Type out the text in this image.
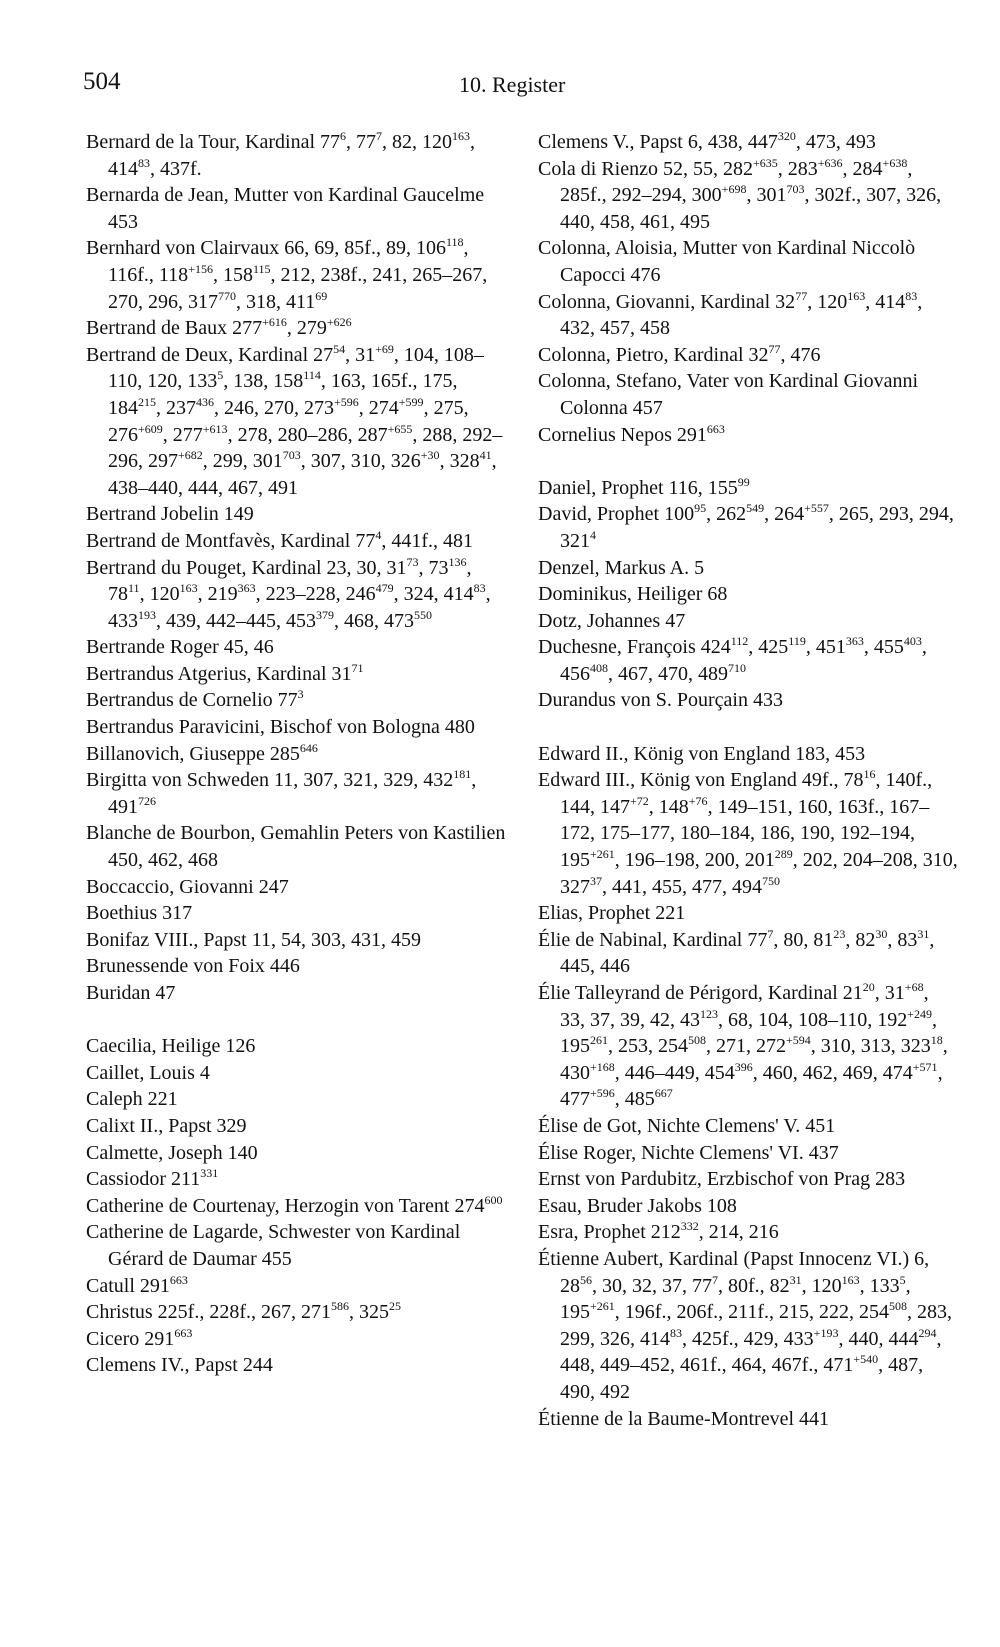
504	10. Register

Bernard de la Tour, Kardinal $77^6$, $77^7$, 82, $120^{163}$, $414^{83}$, 437f.

Bernarda de Jean, Mutter von Kardinal Gaucelme 453

Bernhard von Clairvaux 66, 69, 85f., 89, $106^{118}$, 116f., $118^{+156}$, $158^{115}$, 212, 238f., 241, 265–267, 270, 296, $317^{770}$, 318, $411^{69}$

Bertrand de Baux $277^{+616}$, $279^{+626}$

Bertrand de Deux, Kardinal $27^{54}$, $31^{+69}$, 104, 108–110, 120, $133^5$, 138, $158^{114}$, 163, 165f., 175, $184^{215}$, $237^{436}$, 246, 270, $273^{+596}$, $274^{+599}$, 275, $276^{+609}$, $277^{+613}$, 278, 280–286, $287^{+655}$, 288, 292–296, $297^{+682}$, 299, $301^{703}$, 307, 310, $326^{+30}$, $328^{41}$, 438–440, 444, 467, 491

Bertrand Jobelin 149

Bertrand de Montfavès, Kardinal $77^4$, 441f., 481

Bertrand du Pouget, Kardinal 23, 30, $31^{73}$, $73^{136}$, $78^{11}$, $120^{163}$, $219^{363}$, 223–228, $246^{479}$, 324, $414^{83}$, $433^{193}$, 439, 442–445, $453^{379}$, 468, $473^{550}$

Bertrande Roger 45, 46

Bertrandus Atgerius, Kardinal $31^{71}$

Bertrandus de Cornelio $77^3$

Bertrandus Paravicini, Bischof von Bologna 480

Billanovich, Giuseppe $285^{646}$

Birgitta von Schweden 11, 307, 321, 329, $432^{181}$, $491^{726}$

Blanche de Bourbon, Gemahlin Peters von Kastilien 450, 462, 468

Boccaccio, Giovanni 247

Boethius 317

Bonifaz VIII., Papst 11, 54, 303, 431, 459

Brunessende von Foix 446

Buridan 47

Caecilia, Heilige 126

Caillet, Louis 4

Caleph 221

Calixt II., Papst 329

Calmette, Joseph 140

Cassiodor $211^{331}$

Catherine de Courtenay, Herzogin von Tarent $274^{600}$

Catherine de Lagarde, Schwester von Kardinal Gérard de Daumar 455

Catull $291^{663}$

Christus 225f., 228f., 267, $271^{586}$, $325^{25}$

Cicero $291^{663}$

Clemens IV., Papst 244

Clemens V., Papst 6, 438, $447^{320}$, 473, 493

Cola di Rienzo 52, 55, $282^{+635}$, $283^{+636}$, $284^{+638}$, 285f., 292–294, $300^{+698}$, $301^{703}$, 302f., 307, 326, 440, 458, 461, 495

Colonna, Aloisia, Mutter von Kardinal Niccolò Capocci 476

Colonna, Giovanni, Kardinal $32^{77}$, $120^{163}$, $414^{83}$, 432, 457, 458

Colonna, Pietro, Kardinal $32^{77}$, 476

Colonna, Stefano, Vater von Kardinal Giovanni Colonna 457

Cornelius Nepos $291^{663}$

Daniel, Prophet 116, $155^{99}$

David, Prophet $100^{95}$, $262^{549}$, $264^{+557}$, 265, 293, 294, $321^4$

Denzel, Markus A. 5

Dominikus, Heiliger 68

Dotz, Johannes 47

Duchesne, François $424^{112}$, $425^{119}$, $451^{363}$, $455^{403}$, $456^{408}$, 467, 470, $489^{710}$

Durandus von S. Pourçain 433

Edward II., König von England 183, 453

Edward III., König von England 49f., $78^{16}$, 140f., 144, $147^{+72}$, $148^{+76}$, 149–151, 160, 163f., 167–172, 175–177, 180–184, 186, 190, 192–194, $195^{+261}$, 196–198, 200, $201^{289}$, 202, 204–208, 310, $327^{37}$, 441, 455, 477, $494^{750}$

Elias, Prophet 221

Élie de Nabinal, Kardinal $77^7$, 80, $81^{23}$, $82^{30}$, $83^{31}$, 445, 446

Élie Talleyrand de Périgord, Kardinal $21^{20}$, $31^{+68}$, 33, 37, 39, 42, $43^{123}$, 68, 104, 108–110, $192^{+249}$, $195^{261}$, 253, $254^{508}$, 271, $272^{+594}$, 310, 313, $323^{18}$, $430^{+168}$, 446–449, $454^{396}$, 460, 462, 469, $474^{+571}$, $477^{+596}$, $485^{667}$

Élise de Got, Nichte Clemens' V. 451

Élise Roger, Nichte Clemens' VI. 437

Ernst von Pardubitz, Erzbischof von Prag 283

Esau, Bruder Jakobs 108

Esra, Prophet $212^{332}$, 214, 216

Étienne Aubert, Kardinal (Papst Innocenz VI.) 6, $28^{56}$, 30, 32, 37, $77^7$, 80f., $82^{31}$, $120^{163}$, $133^5$, $195^{+261}$, 196f., 206f., 211f., 215, 222, $254^{508}$, 283, 299, 326, $414^{83}$, 425f., 429, $433^{+193}$, 440, $444^{294}$, 448, 449–452, 461f., 464, 467f., $471^{+540}$, 487, 490, 492

Étienne de la Baume-Montrevel 441
